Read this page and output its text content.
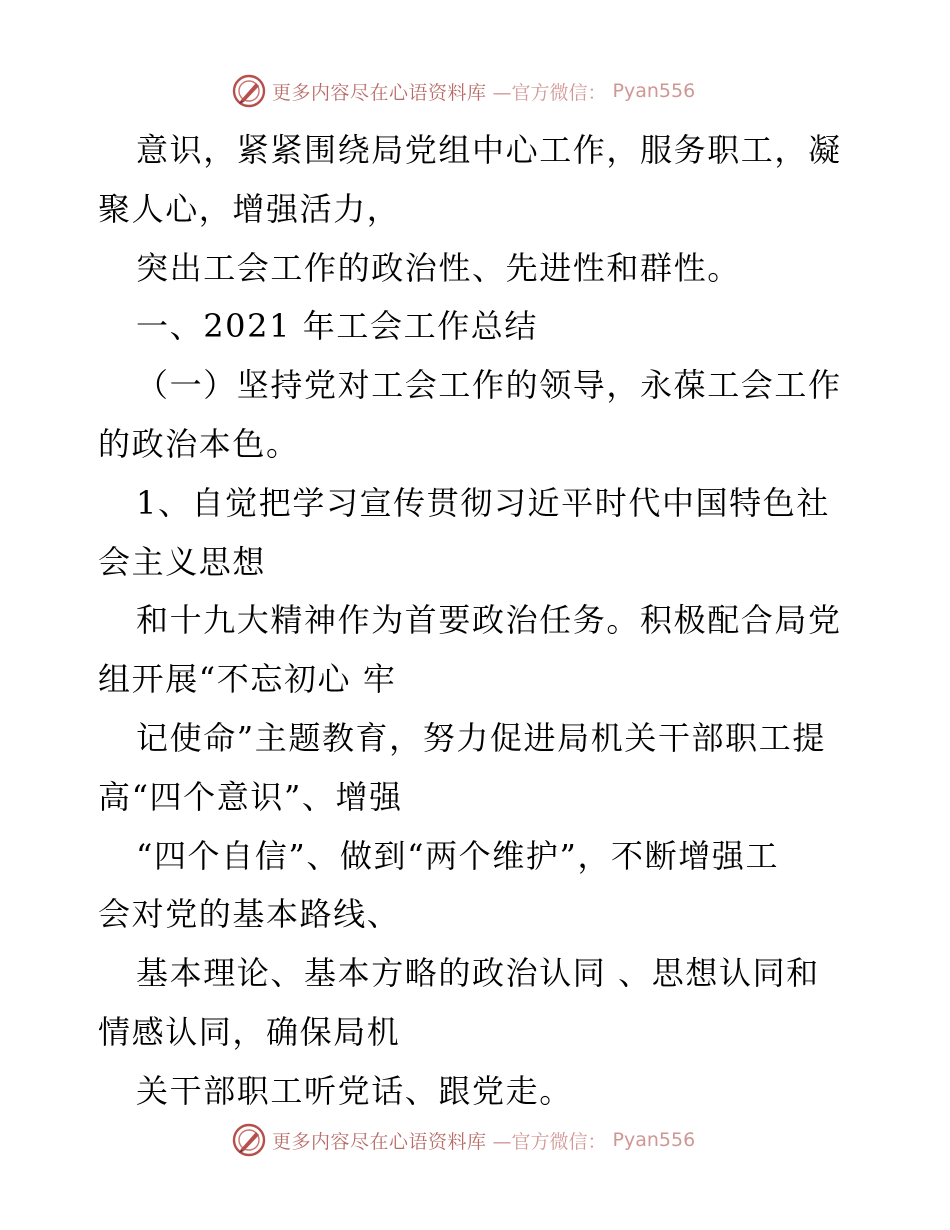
更多内容尽在心语资料库 —官方微信： Pyan556
意识，紧紧围绕局党组中心工作，服务职工，凝
聚人心，增强活力，
突出工会工作的政治性、先进性和群性。
一、2021 年工会工作总结
（一）坚持党对工会工作的领导，永葆工会工作
的政治本色。
1、自觉把学习宣传贯彻习近平时代中国特色社
会主义思想
和十九大精神作为首要政治任务。积极配合局党
组开展“不忘初心 牢
记使命”主题教育，努力促进局机关干部职工提
高“四个意识”、增强
“四个自信”、做到“两个维护”，不断增强工
会对党的基本路线、
基本理论、基本方略的政治认同 、思想认同和
情感认同，确保局机
关干部职工听党话、跟党走。
更多内容尽在心语资料库 —官方微信： Pyan556
